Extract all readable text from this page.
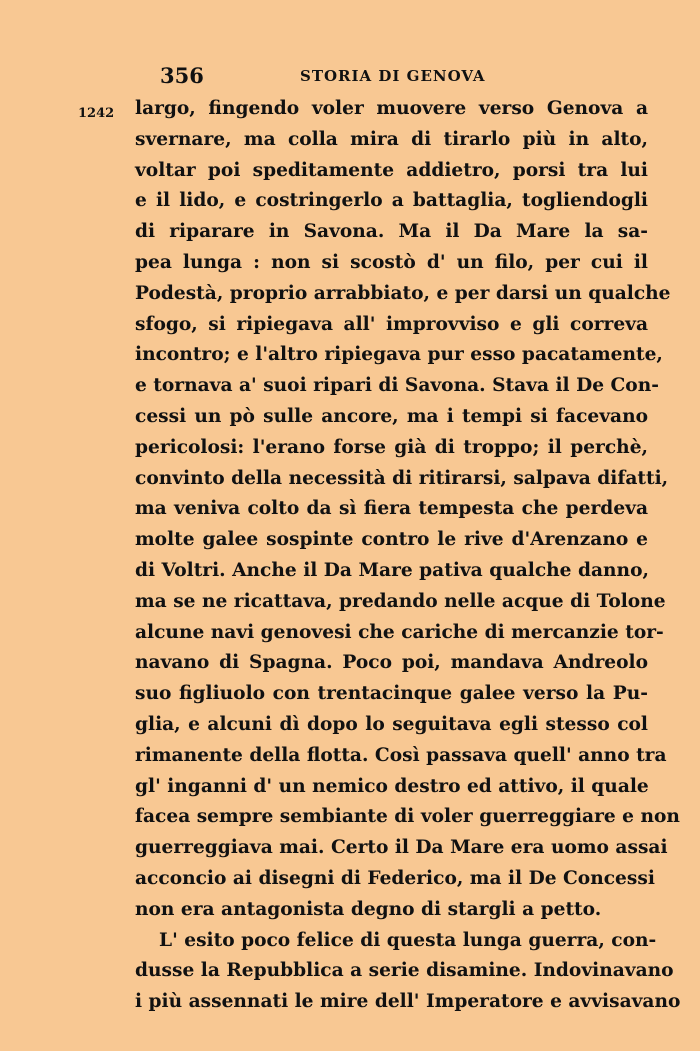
356	STORIA DI GENOVA
1242 largo, fingendo voler muovere verso Genova a
svernare, ma colla mira di tirarlo più in alto,
voltar poi speditamente addietro, porsi tra lui
e il lido, e costringerlo a battaglia, togliendogli
di riparare in Savona. Ma il Da Mare la sa-
pea lunga : non si scostò d' un filo, per cui il
Podestà, proprio arrabbiato, e per darsi un qualche
sfogo, si ripiegava all' improvviso e gli correva
incontro; e l'altro ripiegava pur esso pacatamente,
e tornava a' suoi ripari di Savona. Stava il De Con-
cessi un pò sulle ancore, ma i tempi si facevano
pericolosi: l'erano forse già di troppo; il perchè,
convinto della necessità di ritirarsi, salpava difatti,
ma veniva colto da sì fiera tempesta che perdeva
molte galee sospinte contro le rive d'Arenzano e
di Voltri. Anche il Da Mare pativa qualche danno,
ma se ne ricattava, predando nelle acque di Tolone
alcune navi genovesi che cariche di mercanzie tor-
navano di Spagna. Poco poi, mandava Andreolo
suo figliuolo con trentacinque galee verso la Pu-
glia, e alcuni dì dopo lo seguitava egli stesso col
rimanente della flotta. Così passava quell' anno tra
gl' inganni d' un nemico destro ed attivo, il quale
facea sempre sembiante di voler guerreggiare e non
guerreggiava mai. Certo il Da Mare era uomo assai
acconcio ai disegni di Federico, ma il De Concessi
non era antagonista degno di stargli a petto.
L' esito poco felice di questa lunga guerra, con-
dusse la Repubblica a serie disamine. Indovinavano
i più assennati le mire dell' Imperatore e avvisavano
